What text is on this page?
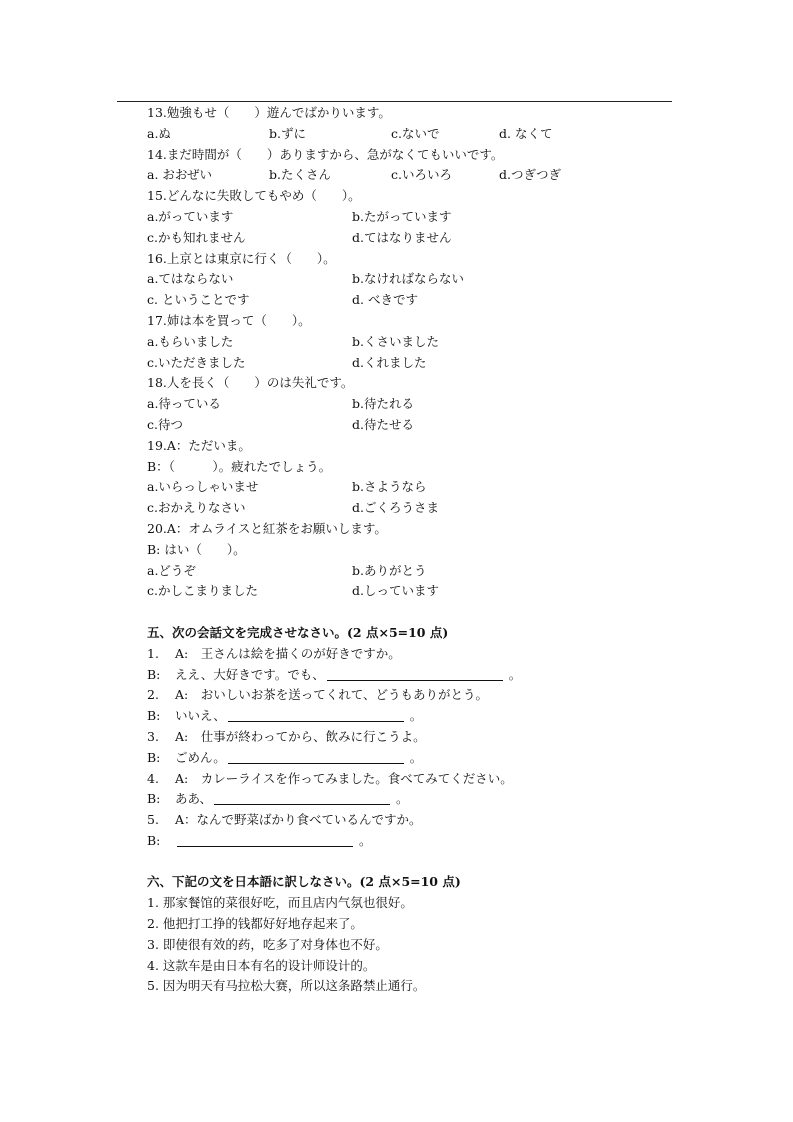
13.勉強もせ（　　）遊んでばかりいます。
a.ぬ	b.ずに	c.ないで	d. なくて
14.まだ時間が（　　）ありますから、急がなくてもいいです。
a. おおぜい	b.たくさん	c.いろいろ	d.つぎつぎ
15.どんなに失敗してもやめ（　　）。
a.がっています	b.たがっています
c.かも知れません	d.てはなりません
16.上京とは東京に行く（　　）。
a.てはならない	b.なければならない
c. ということです	d. べきです
17.姉は本を買って（　　）。
a.もらいました	b.くさいました
c.いただきました	d.くれました
18.人を長く（　　）のは失礼です。
a.待っている	b.待たれる
c.待つ	d.待たせる
19.A：ただいま。
B：（　　　）。疲れたでしょう。
a.いらっしゃいませ	b.さようなら
c.おかえりなさい	d.ごくろうさま
20.A：オムライスと紅茶をお願いします。
B: はい（　　）。
a.どうぞ	b.ありがとう
c.かしこまりました	d.しっています
五、次の会話文を完成させなさい。(2 点×5=10 点)
1. A:　王さんは絵を描くのが好きですか。
B: ええ、大好きです。でも、	。
2. A:　おいしいお茶を送ってくれて、どうもありがとう。
B: いいえ、	。
3. A:　仕事が終わってから、飲みに行こうよ。
B: ごめん。	。
4. A:　カレーライスを作ってみました。食べてみてください。
B: ああ、	。
5. A：なんで野菜ばかり食べているんですか。
B:	。
六、下記の文を日本語に訳しなさい。(2 点×5=10 点)
1. 那家餐馆的菜很好吃，而且店内气氛也很好。
2. 他把打工挣的钱都好好地存起来了。
3. 即使很有效的药，吃多了对身体也不好。
4. 这款车是由日本有名的设计师设计的。
5. 因为明天有马拉松大赛，所以这条路禁止通行。
